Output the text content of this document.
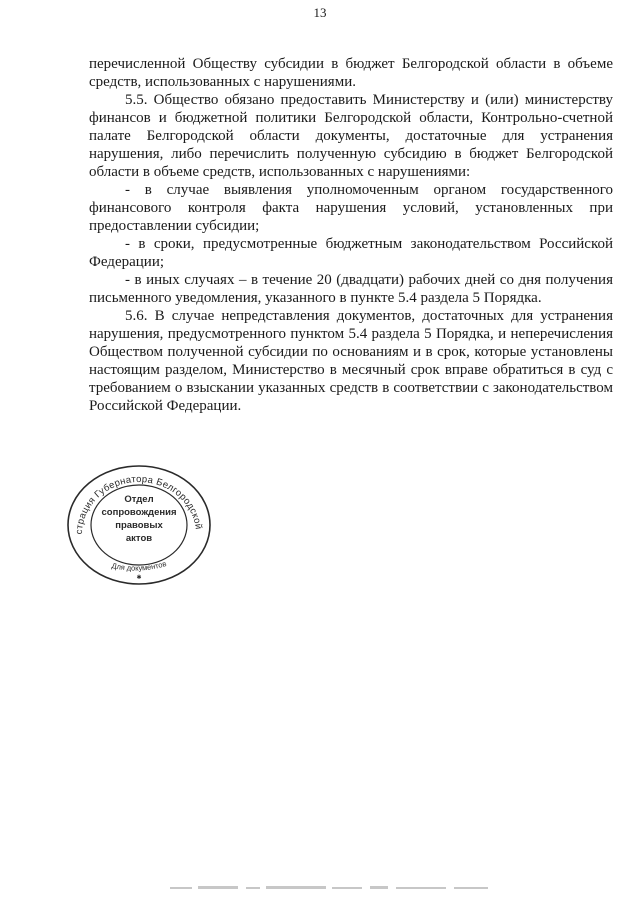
13

перечисленной Обществу субсидии в бюджет Белгородской области в объеме средств, использованных с нарушениями.

5.5. Общество обязано предоставить Министерству и (или) министерству финансов и бюджетной политики Белгородской области, Контрольно-счетной палате Белгородской области документы, достаточные для устранения нарушения, либо перечислить полученную субсидию в бюджет Белгородской области в объеме средств, использованных с нарушениями:

- в случае выявления уполномоченным органом государственного финансового контроля факта нарушения условий, установленных при предоставлении субсидии;

- в сроки, предусмотренные бюджетным законодательством Российской Федерации;

- в иных случаях – в течение 20 (двадцати) рабочих дней со дня получения письменного уведомления, указанного в пункте 5.4 раздела 5 Порядка.

5.6. В случае непредставления документов, достаточных для устранения нарушения, предусмотренного пунктом 5.4 раздела 5 Порядка, и неперечисления Обществом полученной субсидии по основаниям и в срок, которые установлены настоящим разделом, Министерство в месячный срок вправе обратиться в суд с требованием о взыскании указанных средств в соответствии с законодательством Российской Федерации.

страция Губернатора Белгородской
Отдел
сопровождения
правовых
актов
Для документов
✱
